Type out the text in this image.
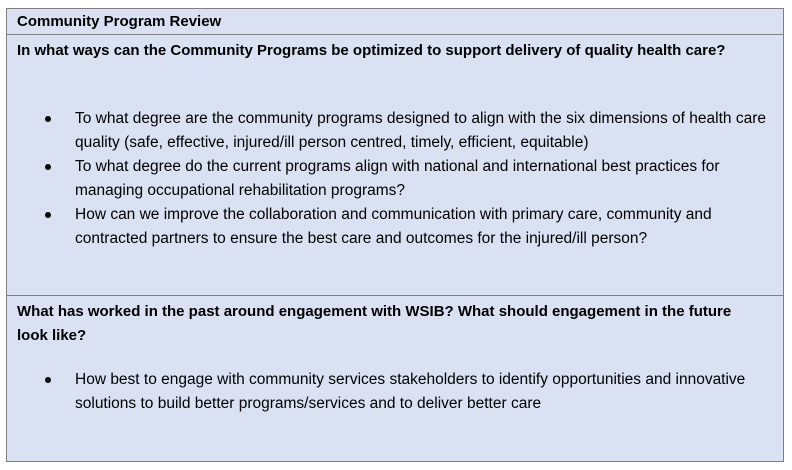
Community Program Review
In what ways can the Community Programs be optimized to support delivery of quality health care?
To what degree are the community programs designed to align with the six dimensions of health care quality (safe, effective, injured/ill person centred, timely, efficient, equitable)
To what degree do the current programs align with national and international best practices for managing occupational rehabilitation programs?
How can we improve the collaboration and communication with primary care, community and contracted partners to ensure the best care and outcomes for the injured/ill person?
What has worked in the past around engagement with WSIB? What should engagement in the future look like?
How best to engage with community services stakeholders to identify opportunities and innovative solutions to build better programs/services and to deliver better care
